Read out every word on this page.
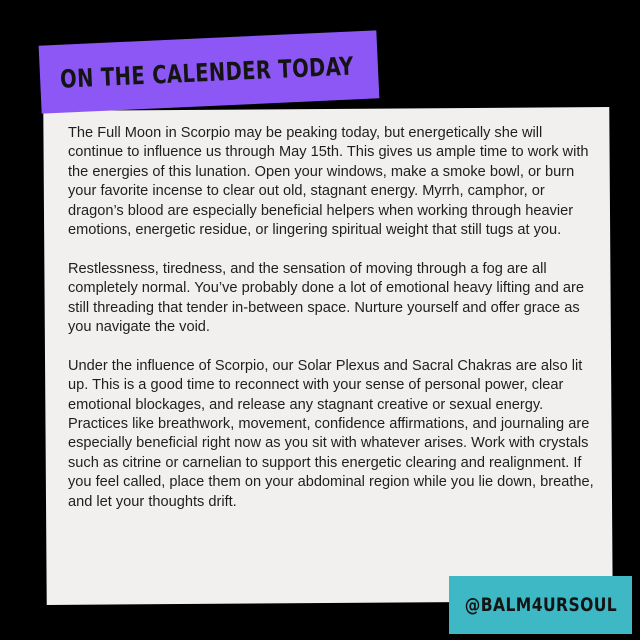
The Full Moon in Scorpio may be peaking today, but energetically she will continue to influence us through May 15th. This gives us ample time to work with the energies of this lunation. Open your windows, make a smoke bowl, or burn your favorite incense to clear out old, stagnant energy. Myrrh, camphor, or dragon’s blood are especially beneficial helpers when working through heavier emotions, energetic residue, or lingering spiritual weight that still tugs at you.

Restlessness, tiredness, and the sensation of moving through a fog are all completely normal. You’ve probably done a lot of emotional heavy lifting and are still threading that tender in-between space. Nurture yourself and offer grace as you navigate the void.

Under the influence of Scorpio, our Solar Plexus and Sacral Chakras are also lit up. This is a good time to reconnect with your sense of personal power, clear emotional blockages, and release any stagnant creative or sexual energy. Practices like breathwork, movement, confidence affirmations, and journaling are especially beneficial right now as you sit with whatever arises. Work with crystals such as citrine or carnelian to support this energetic clearing and realignment. If you feel called, place them on your abdominal region while you lie down, breathe, and let your thoughts drift.

ON THE CALENDER TODAY
@BALM4URSOUL
